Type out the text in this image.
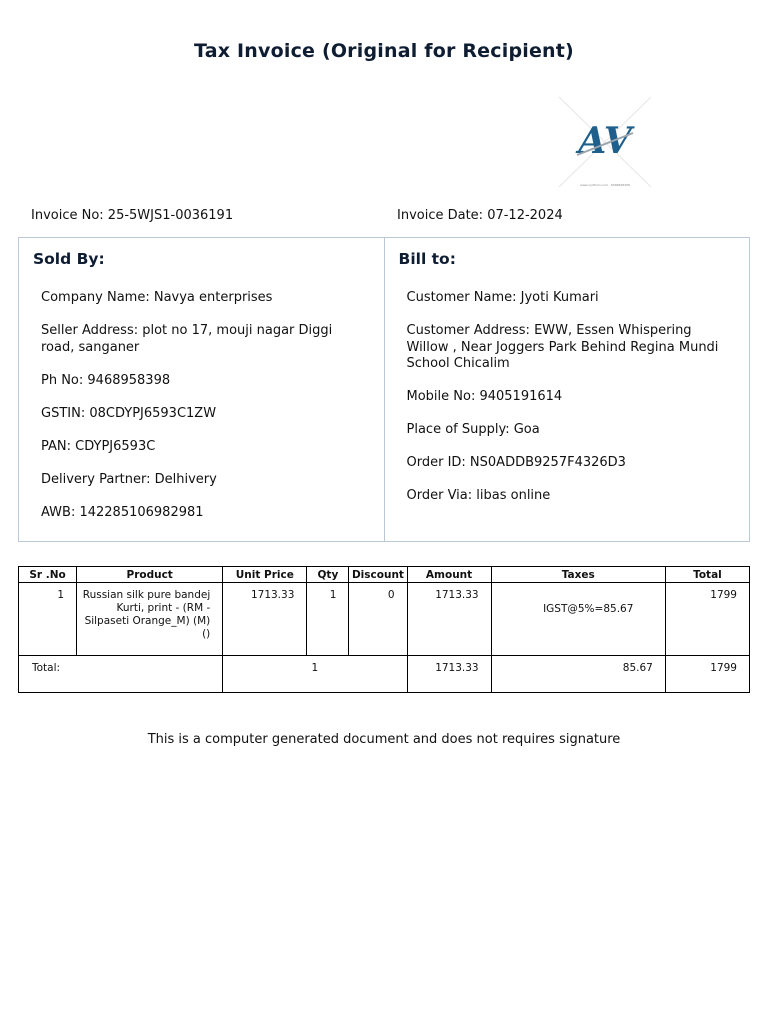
Tax Invoice (Original for Recipient)
AV
www.ojuthom.com · 9468958398
Invoice No: 25-5WJS1-0036191	Invoice Date: 07-12-2024
Sold By:

Company Name: Navya enterprises

Seller Address: plot no 17, mouji nagar Diggi road, sanganer

Ph No: 9468958398

GSTIN: 08CDYPJ6593C1ZW

PAN: CDYPJ6593C

Delivery Partner: Delhivery

AWB: 142285106982981

Bill to:

Customer Name: Jyoti Kumari

Customer Address: EWW, Essen Whispering Willow , Near Joggers Park Behind Regina Mundi School Chicalim

Mobile No: 9405191614

Place of Supply: Goa

Order ID: NS0ADDB9257F4326D3

Order Via: libas online

Sr .No	Product	Unit Price	Qty	Discount	Amount	Taxes	Total
1	Russian silk pure bandej Kurti, print - (RM - Silpaseti Orange_M) (M) ()	1713.33	1	0	1713.33	IGST@5%=85.67	1799
Total:		1			1713.33	85.67	1799
This is a computer generated document and does not requires signature
